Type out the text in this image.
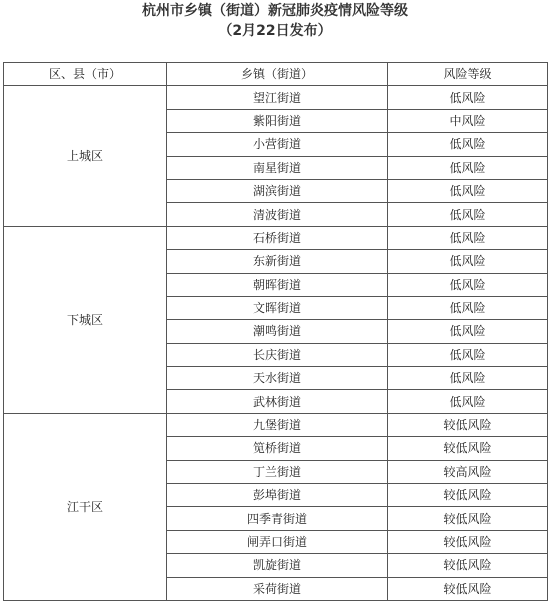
杭州市乡镇（街道）新冠肺炎疫情风险等级
（2月22日发布）
区、县（市）	乡镇（街道）	风险等级
上城区	望江街道	低风险
	紫阳街道	中风险
	小营街道	低风险
	南星街道	低风险
	湖滨街道	低风险
	清波街道	低风险
下城区	石桥街道	低风险
	东新街道	低风险
	朝晖街道	低风险
	文晖街道	低风险
	潮鸣街道	低风险
	长庆街道	低风险
	天水街道	低风险
	武林街道	低风险
江干区	九堡街道	较低风险
	笕桥街道	较低风险
	丁兰街道	较高风险
	彭埠街道	较低风险
	四季青街道	较低风险
	闸弄口街道	较低风险
	凯旋街道	较低风险
	采荷街道	较低风险
